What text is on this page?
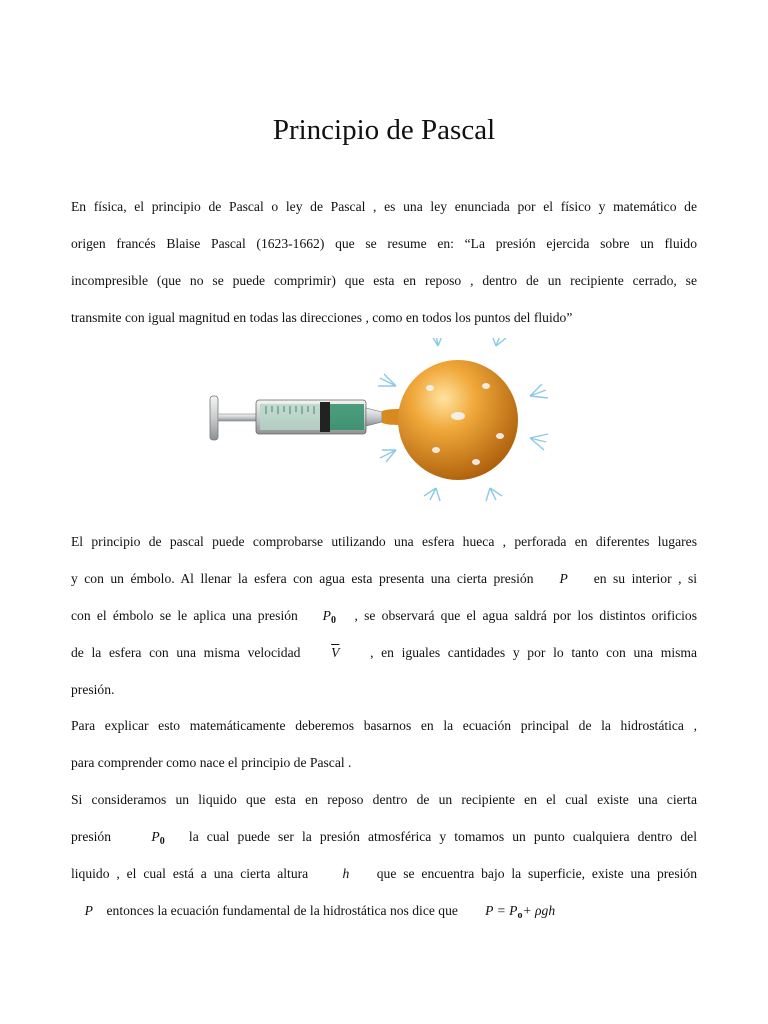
Principio de Pascal
En física, el principio de Pascal o ley de Pascal , es una ley enunciada por el físico y matemático de
origen francés Blaise Pascal (1623-1662) que se resume en: “La presión ejercida sobre un fluido
incompresible (que no se puede comprimir) que esta en reposo , dentro de un recipiente cerrado, se
transmite con igual magnitud en todas las direcciones , como en todos los puntos del fluido”
El principio de pascal puede comprobarse utilizando una esfera hueca , perforada en diferentes lugares
y con un émbolo. Al llenar la esfera con agua esta presenta una cierta presión P en su interior , si
con el émbolo se le aplica una presión $P_0$ , se observará que el agua saldrá por los distintos orificios
de la esfera con una misma velocidad $\overline{V}$ , en iguales cantidades y por lo tanto con una misma
presión.
Para explicar esto matemáticamente deberemos basarnos en la ecuación principal de la hidrostática ,
para comprender como nace el principio de Pascal .
Si consideramos un liquido que esta en reposo dentro de un recipiente en el cual existe una cierta
presión	$P_0$ la cual puede ser la presión atmosférica y tomamos un punto cualquiera dentro del
liquido , el cual está a una cierta altura	h que se encuentra bajo la superficie, existe una presión
P entonces la ecuación fundamental de la hidrostática nos dice que $P = P_o+ \rho gh$
